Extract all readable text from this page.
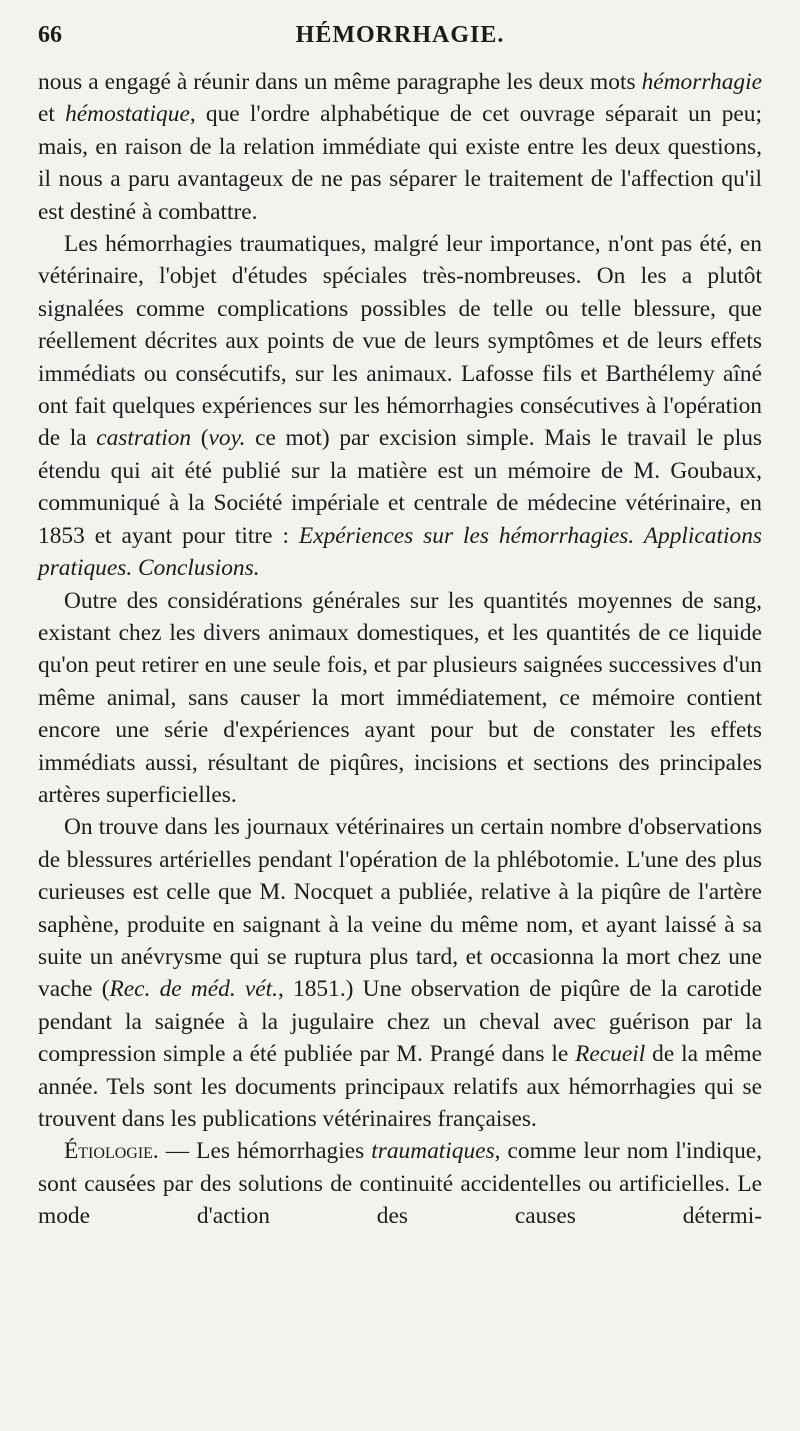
66	HÉMORRHAGIE.

nous a engagé à réunir dans un même paragraphe les deux mots hémorrhagie et hémostatique, que l'ordre alphabétique de cet ouvrage séparait un peu; mais, en raison de la relation immédiate qui existe entre les deux questions, il nous a paru avantageux de ne pas séparer le traitement de l'affection qu'il est destiné à combattre.

Les hémorrhagies traumatiques, malgré leur importance, n'ont pas été, en vétérinaire, l'objet d'études spéciales très-nombreuses. On les a plutôt signalées comme complications possibles de telle ou telle blessure, que réellement décrites aux points de vue de leurs symptômes et de leurs effets immédiats ou consécutifs, sur les animaux. Lafosse fils et Barthélemy aîné ont fait quelques expériences sur les hémorrhagies consécutives à l'opération de la castration (voy. ce mot) par excision simple. Mais le travail le plus étendu qui ait été publié sur la matière est un mémoire de M. Goubaux, communiqué à la Société impériale et centrale de médecine vétérinaire, en 1853 et ayant pour titre : Expériences sur les hémorrhagies. Applications pratiques. Conclusions.

Outre des considérations générales sur les quantités moyennes de sang, existant chez les divers animaux domestiques, et les quantités de ce liquide qu'on peut retirer en une seule fois, et par plusieurs saignées successives d'un même animal, sans causer la mort immédiatement, ce mémoire contient encore une série d'expériences ayant pour but de constater les effets immédiats aussi, résultant de piqûres, incisions et sections des principales artères superficielles.

On trouve dans les journaux vétérinaires un certain nombre d'observations de blessures artérielles pendant l'opération de la phlébotomie. L'une des plus curieuses est celle que M. Nocquet a publiée, relative à la piqûre de l'artère saphène, produite en saignant à la veine du même nom, et ayant laissé à sa suite un anévrysme qui se ruptura plus tard, et occasionna la mort chez une vache (Rec. de méd. vét., 1851.) Une observation de piqûre de la carotide pendant la saignée à la jugulaire chez un cheval avec guérison par la compression simple a été publiée par M. Prangé dans le Recueil de la même année. Tels sont les documents principaux relatifs aux hémorrhagies qui se trouvent dans les publications vétérinaires françaises.

Étiologie. — Les hémorrhagies traumatiques, comme leur nom l'indique, sont causées par des solutions de continuité accidentelles ou artificielles. Le mode d'action des causes détermi-
